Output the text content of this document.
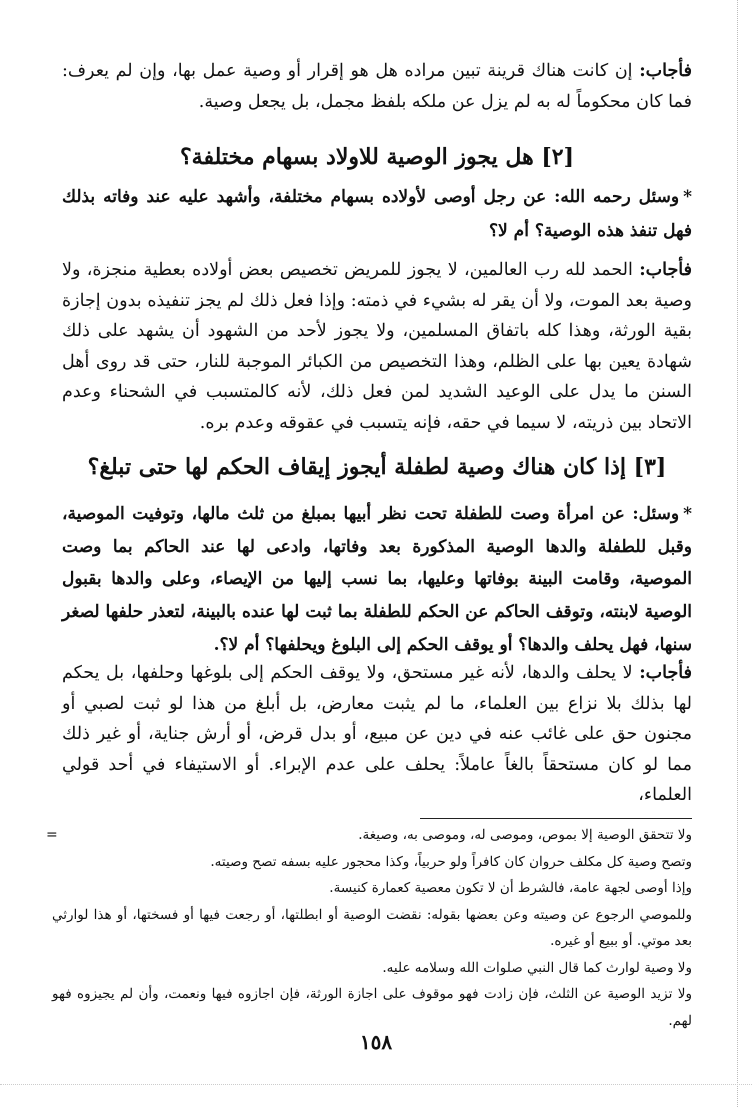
فأجاب: إن كانت هناك قرينة تبين مراده هل هو إقرار أو وصية عمل بها، وإن لم يعرف: فما كان محكوماً له به لم يزل عن ملكه بلفظ مجمل، بل يجعل وصية.

[٢] هل يجوز الوصية للاولاد بسهام مختلفة؟

*وسئل رحمه الله: عن رجل أوصى لأولاده بسهام مختلفة، وأشهد عليه عند وفاته بذلك فهل تنفذ هذه الوصية؟ أم لا؟

فأجاب: الحمد لله رب العالمين، لا يجوز للمريض تخصيص بعض أولاده بعطية منجزة، ولا وصية بعد الموت، ولا أن يقر له بشيء في ذمته: وإذا فعل ذلك لم يجز تنفيذه بدون إجازة بقية الورثة، وهذا كله باتفاق المسلمين، ولا يجوز لأحد من الشهود أن يشهد على ذلك شهادة يعين بها على الظلم، وهذا التخصيص من الكبائر الموجبة للنار، حتى قد روى أهل السنن ما يدل على الوعيد الشديد لمن فعل ذلك، لأنه كالمتسبب في الشحناء وعدم الاتحاد بين ذريته، لا سيما في حقه، فإنه يتسبب في عقوقه وعدم بره.

[٣] إذا كان هناك وصية لطفلة أيجوز إيقاف الحكم لها حتى تبلغ؟

*وسئل: عن امرأة وصت للطفلة تحت نظر أبيها بمبلغ من ثلث مالها، وتوفيت الموصية، وقبل للطفلة والدها الوصية المذكورة بعد وفاتها، وادعى لها عند الحاكم بما وصت الموصية، وقامت البينة بوفاتها وعليها، بما نسب إليها من الإيصاء، وعلى والدها بقبول الوصية لابنته، وتوقف الحاكم عن الحكم للطفلة بما ثبت لها عنده بالبينة، لتعذر حلفها لصغر سنها، فهل يحلف والدها؟ أو يوقف الحكم إلى البلوغ ويحلفها؟ أم لا؟.

فأجاب: لا يحلف والدها، لأنه غير مستحق، ولا يوقف الحكم إلى بلوغها وحلفها، بل يحكم لها بذلك بلا نزاع بين العلماء، ما لم يثبت معارض، بل أبلغ من هذا لو ثبت لصبي أو مجنون حق على غائب عنه في دين عن مبيع، أو بدل قرض، أو أرش جناية، أو غير ذلك مما لو كان مستحقاً بالغاً عاملاً: يحلف على عدم الإبراء. أو الاستيفاء في أحد قولي العلماء،

=	ولا تتحقق الوصية إلا بموص، وموصى له، وموصى به، وصيغة.

وتصح وصية كل مكلف حروان كان كافراً ولو حربياً، وكذا محجور عليه بسفه تصح وصيته.

وإذا أوصى لجهة عامة، فالشرط أن لا تكون معصية كعمارة كنيسة.

وللموصي الرجوع عن وصيته وعن بعضها بقوله: نقضت الوصية أو ابطلتها، أو رجعت فيها أو فسختها، أو هذا لوارثي بعد موتي. أو ببيع أو غيره.

ولا وصية لوارث كما قال النبي صلوات الله وسلامه عليه.

ولا تزيد الوصية عن الثلث، فإن زادت فهو موقوف على اجازة الورثة، فإن اجازوه فيها ونعمت، وأن لم يجيزوه فهو لهم.

١٥٨
